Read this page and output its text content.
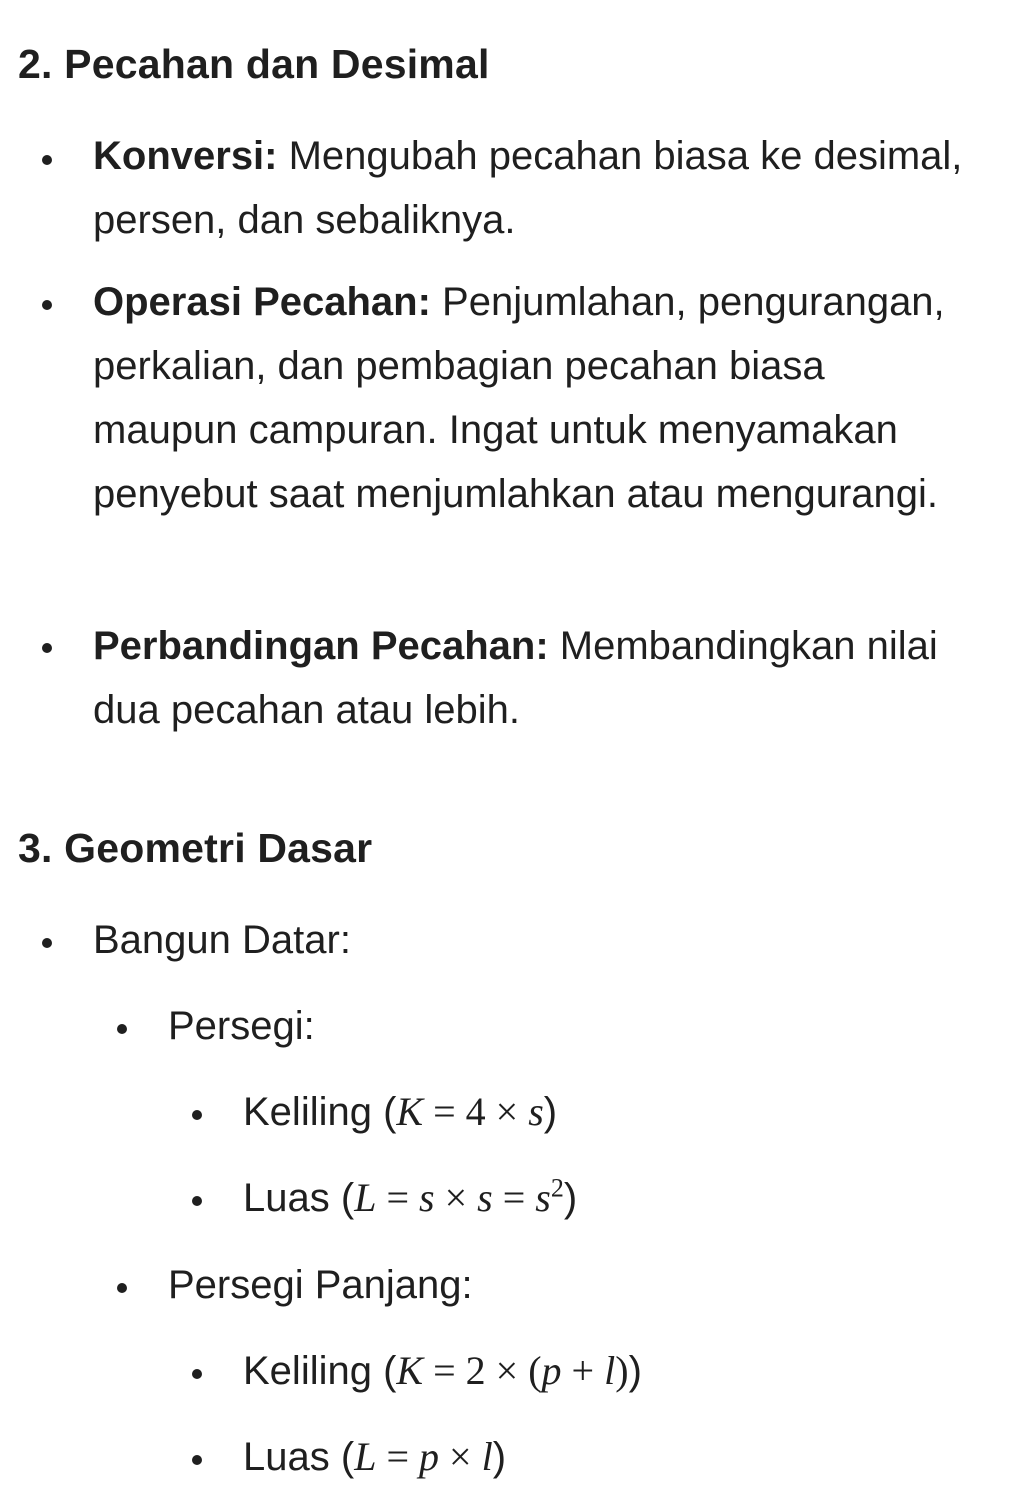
2. Pecahan dan Desimal

Konversi: Mengubah pecahan biasa ke desimal, persen, dan sebaliknya.

Operasi Pecahan: Penjumlahan, pengurangan, perkalian, dan pembagian pecahan biasa maupun campuran. Ingat untuk menyamakan penyebut saat menjumlahkan atau mengurangi.

Perbandingan Pecahan: Membandingkan nilai dua pecahan atau lebih.

3. Geometri Dasar

Bangun Datar:

Persegi:

Keliling (K = 4 × s)

Luas $(L = s \times s = s^2)$

Persegi Panjang:

Keliling (K = 2 × (p + l))

Luas (L = p × l)
